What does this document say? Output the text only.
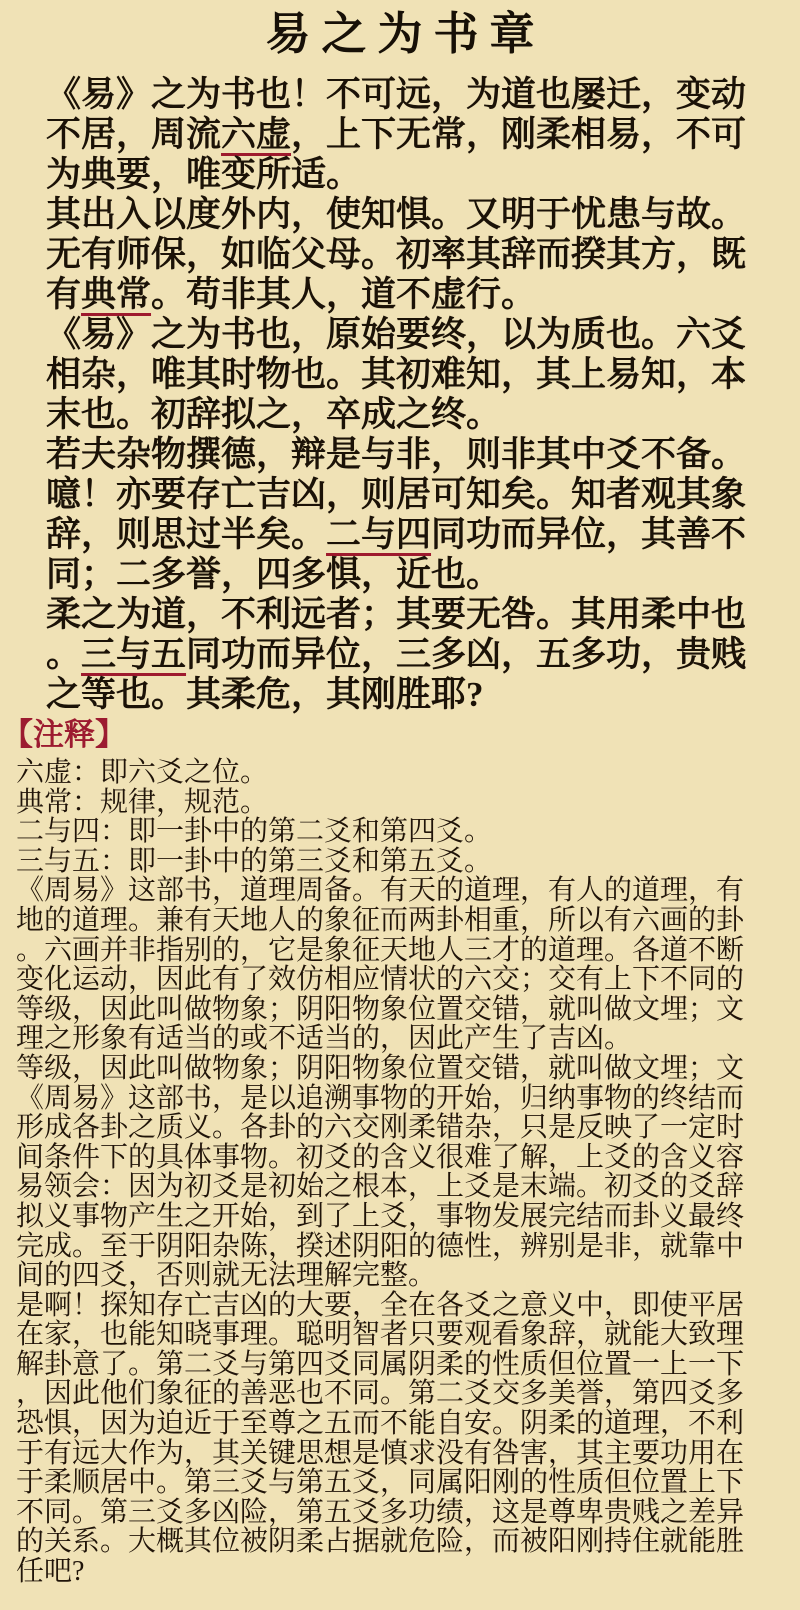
易之为书章
《易》之为书也！不可远，为道也屡迁，变动
不居，周流六虚，上下无常，刚柔相易，不可
为典要，唯变所适。
其出入以度外内，使知惧。又明于忧患与故。
无有师保，如临父母。初率其辞而揆其方，既
有典常。苟非其人，道不虚行。
《易》之为书也，原始要终，以为质也。六爻
相杂，唯其时物也。其初难知，其上易知，本
末也。初辞拟之，卒成之终。
若夫杂物撰德，辩是与非，则非其中爻不备。
噫！亦要存亡吉凶，则居可知矣。知者观其象
辞，则思过半矣。二与四同功而异位，其善不
同；二多誉，四多惧，近也。
柔之为道，不利远者；其要无咎。其用柔中也
。三与五同功而异位，三多凶，五多功，贵贱
之等也。其柔危，其刚胜耶?
【注释】
六虚：即六爻之位。
典常：规律，规范。
二与四：即一卦中的第二爻和第四爻。
三与五：即一卦中的第三爻和第五爻。
《周易》这部书，道理周备。有天的道理，有人的道理，有
地的道理。兼有天地人的象征而两卦相重，所以有六画的卦
。六画并非指别的，它是象征天地人三才的道理。各道不断
变化运动，因此有了效仿相应情状的六交；交有上下不同的
等级，因此叫做物象；阴阳物象位置交错，就叫做文埋；文
理之形象有适当的或不适当的，因此产生了吉凶。
等级，因此叫做物象；阴阳物象位置交错，就叫做文埋；文
《周易》这部书，是以追溯事物的开始，归纳事物的终结而
形成各卦之质义。各卦的六交刚柔错杂，只是反映了一定时
间条件下的具体事物。初爻的含义很难了解，上爻的含义容
易领会：因为初爻是初始之根本，上爻是末端。初爻的爻辞
拟义事物产生之开始，到了上爻，事物发展完结而卦义最终
完成。至于阴阳杂陈，揆述阴阳的德性，辨别是非，就靠中
间的四爻，否则就无法理解完整。
是啊！探知存亡吉凶的大要，全在各爻之意义中，即使平居
在家，也能知晓事理。聪明智者只要观看象辞，就能大致理
解卦意了。第二爻与第四爻同属阴柔的性质但位置一上一下
，因此他们象征的善恶也不同。第二爻交多美誉，第四爻多
恐惧，因为迫近于至尊之五而不能自安。阴柔的道理，不利
于有远大作为，其关键思想是慎求没有咎害，其主要功用在
于柔顺居中。第三爻与第五爻，同属阳刚的性质但位置上下
不同。第三爻多凶险，第五爻多功绩，这是尊卑贵贱之差异
的关系。大概其位被阴柔占据就危险，而被阳刚持住就能胜
任吧?
